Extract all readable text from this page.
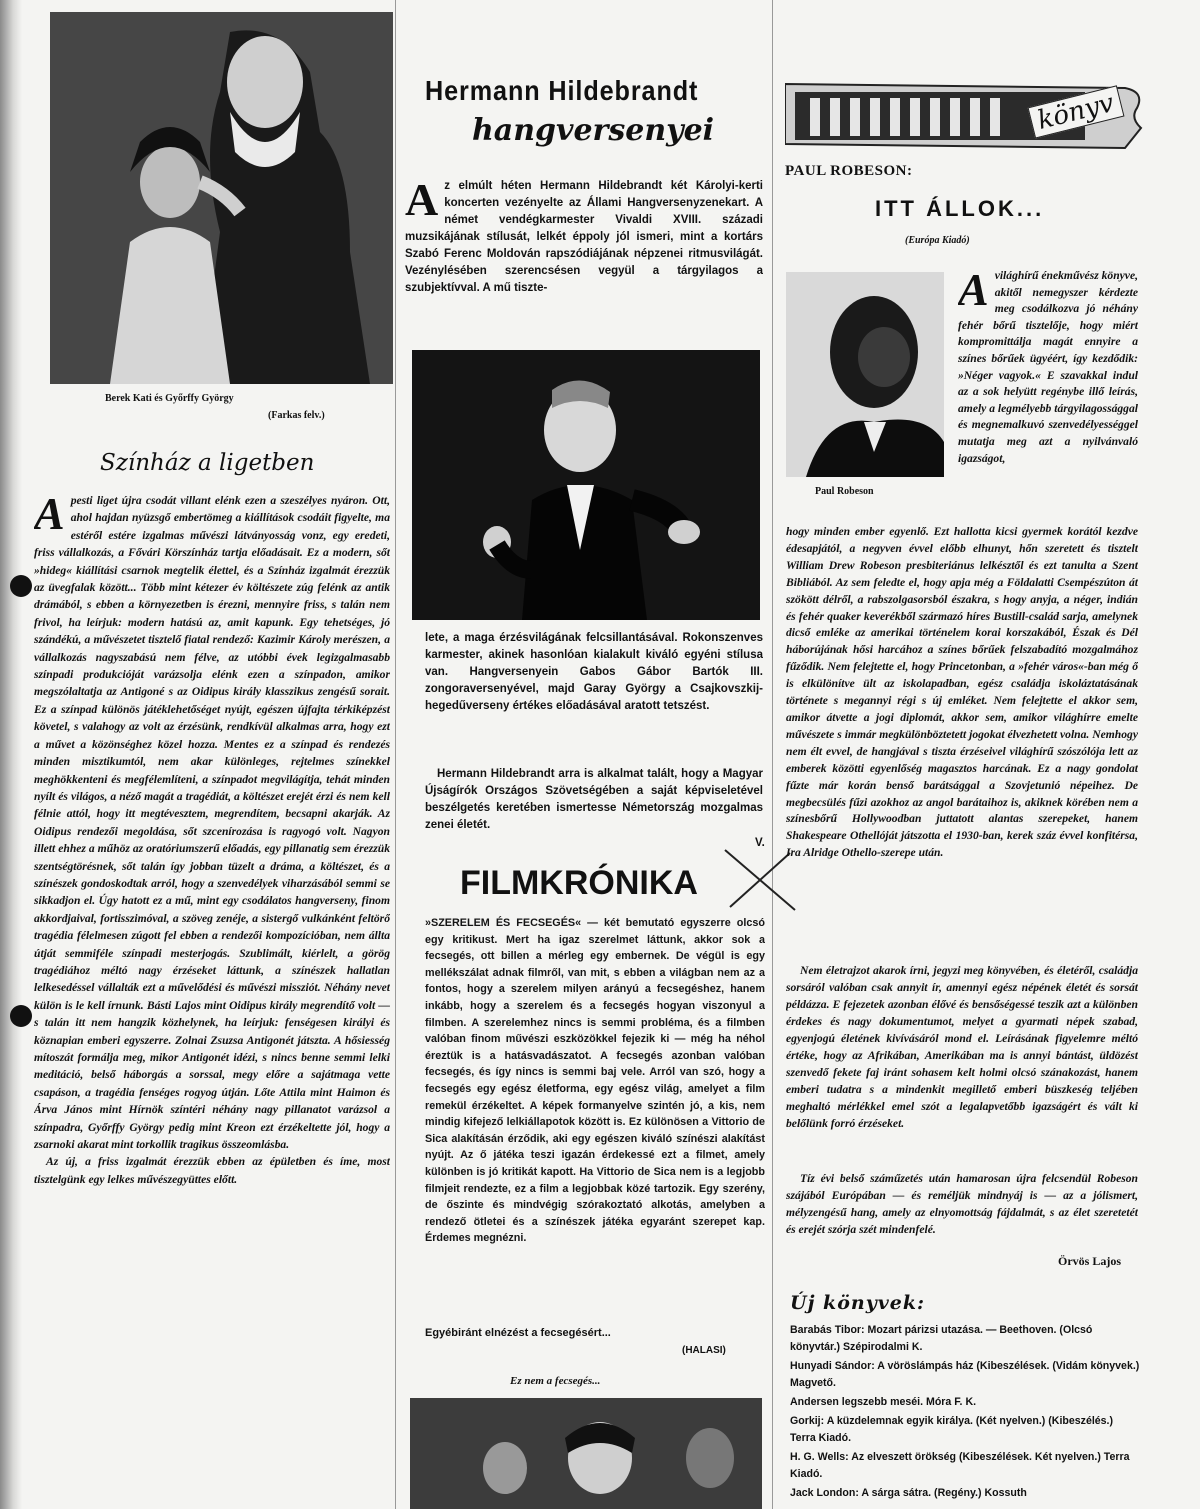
Berek Kati és Győrffy György
(Farkas felv.)
Színház a ligetben
A pesti liget újra csodát villant elénk ezen a szeszélyes nyáron. Ott, ahol hajdan nyüzsgő embertömeg a kiállítások csodáit figyelte, ma estéről estére izgalmas művészi látványosság vonz, egy eredeti, friss vállalkozás, a Fővári Körszínház tartja előadásait. Ez a modern, sőt »hideg« kiállítási csarnok megtelik élettel, és a Színház izgalmát érezzük az üvegfalak között... Több mint kétezer év költészete zúg felénk az antik drámából, s ebben a környezetben is érezni, mennyire friss, s talán nem frivol, ha leírjuk: modern hatású az, amit kapunk. Egy tehetséges, jó szándékú, a művészetet tisztelő fiatal rendező: Kazimir Károly merészen, a vállalkozás nagyszabású nem félve, az utóbbi évek legizgalmasabb színpadi produkcióját varázsolja elénk ezen a színpadon, amikor megszólaltatja az Antigoné s az Oidipus király klasszikus zengésű sorait. Ez a színpad különös játéklehetőséget nyújt, egészen újfajta térkiképzést követel, s valahogy az volt az érzésünk, rendkívül alkalmas arra, hogy ezt a művet a közönséghez közel hozza. Mentes ez a színpad és rendezés minden misztikumtól, nem akar különleges, rejtelmes színekkel meghökkenteni és megfélemlíteni, a színpadot megvilágítja, tehát minden nyílt és világos, a néző magát a tragédiát, a költészet erejét érzi és nem kell félnie attól, hogy itt megtévesztem, megrendítem, becsapni akarják. Az Oidipus rendezői megoldása, sőt szcenírozása is ragyogó volt. Nagyon illett ehhez a műhöz az oratóriumszerű előadás, egy pillanatig sem érezzük szentségtörésnek, sőt talán így jobban tüzelt a dráma, a költészet, és a színészek gondoskodtak arról, hogy a szenvedélyek viharzásából semmi se sikkadjon el. Úgy hatott ez a mű, mint egy csodálatos hangverseny, finom akkordjaival, fortisszimóval, a szöveg zenéje, a sistergő vulkánként feltörő tragédia félelmesen zúgott fel ebben a rendezői kompozícióban, nem állta útját semmiféle színpadi mesterjogás. Szublimált, kiérlelt, a görög tragédiához méltó nagy érzéseket láttunk, a színészek hallatlan lelkesedéssel vállalták ezt a művelődési és művészi missziót. Néhány nevet külön is le kell írnunk. Básti Lajos mint Oidipus király megrendítő volt — s talán itt nem hangzik közhelynek, ha leírjuk: fenségesen királyi és köznapian emberi egyszerre. Zolnai Zsuzsa Antigonét játszta. A hősiesség mítoszát formálja meg, mikor Antigonét idézi, s nincs benne semmi lelki meditáció, belső háborgás a sorssal, megy előre a sajátmaga vette csapáson, a tragédia fenséges rogyog útján. Lőte Attila mint Haimon és Árva János mint Hírnök színtéri néhány nagy pillanatot varázsol a színpadra, Győrffy György pedig mint Kreon ezt érzékeltette jól, hogy a zsarnoki akarat mint torkollik tragikus összeomlásba.

Az új, a friss izgalmát érezzük ebben az épületben és íme, most tisztelgünk egy lelkes művészegyüttes előtt.

Hermann Hildebrandt
hangversenyei
A z elmúlt héten Hermann Hildebrandt két Károlyi-kerti koncerten vezényelte az Állami Hangversenyzenekart. A német vendégkarmester Vivaldi XVIII. századi muzsikájának stílusát, lelkét éppoly jól ismeri, mint a kortárs Szabó Ferenc Moldován rapszódiájának népzenei ritmusvilágát. Vezénylésében szerencsésen vegyül a tárgyilagos a szubjektívval. A mű tiszte-
lete, a maga érzésvilágának felcsillantásával. Rokonszenves karmester, akinek hasonlóan kialakult kiváló egyéni stílusa van. Hangversenyein Gabos Gábor Bartók III. zongoraversenyével, majd Garay György a Csajkovszkij-hegedűverseny értékes előadásával aratott tetszést.
Hermann Hildebrandt arra is alkalmat talált, hogy a Magyar Újságírók Országos Szövetségében a saját képviseletével beszélgetés keretében ismertesse Németország mozgalmas zenei életét.
V.
FILMKRÓNIKA
»SZERELEM ÉS FECSEGÉS« — két bemutató egyszerre olcsó egy kritikust. Mert ha igaz szerelmet láttunk, akkor sok a fecsegés, ott billen a mérleg egy embernek. De végül is egy mellékszálat adnak filmről, van mit, s ebben a világban nem az a fontos, hogy a szerelem milyen arányú a fecsegéshez, hanem inkább, hogy a szerelem és a fecsegés hogyan viszonyul a filmben. A szerelemhez nincs is semmi probléma, és a filmben valóban finom művészi eszközökkel fejezik ki — még ha néhol éreztük is a hatásvadászatot. A fecsegés azonban valóban fecsegés, és így nincs is semmi baj vele. Arról van szó, hogy a fecsegés egy egész életforma, egy egész világ, amelyet a film remekül érzékeltet. A képek formanyelve szintén jó, a kis, nem mindig kifejező lelkiállapotok között is. Ez különösen a Vittorio de Sica alakításán érződik, aki egy egészen kiváló színészi alakítást nyújt. Az ő játéka teszi igazán érdekessé ezt a filmet, amely különben is jó kritikát kapott. Ha Vittorio de Sica nem is a legjobb filmjeit rendezte, ez a film a legjobbak közé tartozik. Egy szerény, de őszinte és mindvégig szórakoztató alkotás, amelyben a rendező ötletei és a színészek játéka egyaránt szerepet kap. Érdemes megnézni.
Egyébiránt elnézést a fecsegésért...
(HALASI)
Ez nem a fecsegés...
könyv
PAUL ROBESON:
ITT ÁLLOK...
(Európa Kiadó)
Paul Robeson
A világhírű énekművész könyve, akitől nemegyszer kérdezte meg csodálkozva jó néhány fehér bőrű tisztelője, hogy miért kompromittálja magát ennyire a színes bőrűek ügyéért, így kezdődik: »Néger vagyok.« E szavakkal indul az a sok helyütt regénybe illő leírás, amely a legmélyebb tárgyilagossággal és megnemalkuvó szenvedélyességgel mutatja meg azt a nyilvánvaló igazságot,
hogy minden ember egyenlő. Ezt hallotta kicsi gyermek korától kezdve édesapjától, a negyven évvel előbb elhunyt, hőn szeretett és tisztelt William Drew Robeson presbiteriánus lelkésztől és ezt tanulta a Szent Bibliából. Az sem feledte el, hogy apja még a Földalatti Csempészúton át szökött délről, a rabszolgasorsból északra, s hogy anyja, a néger, indián és fehér quaker keverékből származó híres Bustill-család sarja, amelynek dicső emléke az amerikai történelem korai korszakából, Észak és Dél háborújának hősi harcához a színes bőrűek felszabadító mozgalmához fűződik. Nem felejtette el, hogy Princetonban, a »fehér város«-ban még ő is elkülönítve ült az iskolapadban, egész családja iskoláztatásának története s megannyi régi s új emléket. Nem felejtette el akkor sem, amikor átvette a jogi diplomát, akkor sem, amikor világhírre emelte művészete s immár megkülönböztetett jogokat élvezhetett volna. Nemhogy nem élt evvel, de hangjával s tiszta érzéseivel világhírű szószólója lett az emberek közötti egyenlőség magasztos harcának. Ez a nagy gondolat fűzte már korán benső barátsággal a Szovjetunió népeihez. De megbecsülés fűzi azokhoz az angol barátaihoz is, akiknek körében nem a színesbőrű Hollywoodban juttatott alantas szerepeket, hanem Shakespeare Othellóját játszotta el 1930-ban, kerek száz évvel konfitérsa, Ira Alridge Othello-szerepe után.
Nem életrajzot akarok írni, jegyzi meg könyvében, és életéről, családja sorsáról valóban csak annyit ír, amennyi egész népének életét és sorsát példázza. E fejezetek azonban élővé és bensőségessé teszik azt a különben érdekes és nagy dokumentumot, melyet a gyarmati népek szabad, egyenjogú életének kivívásáról mond el. Leírásának figyelemre méltó értéke, hogy az Afrikában, Amerikában ma is annyi bántást, üldözést szenvedő fekete faj iránt sohasem kelt holmi olcsó szánakozást, hanem emberi tudatra s a mindenkit megillető emberi büszkeség teljében meghaltó mérlékkel emel szót a legalapvetőbb igazságért és vált ki belőlünk forró érzéseket.
Tíz évi belső száműzetés után hamarosan újra felcsendül Robeson szájából Európában — és reméljük mindnyáj is — az a jólismert, mélyzengésű hang, amely az elnyomottság fájdalmát, s az élet szeretetét és erejét szórja szét mindenfelé.
Örvös Lajos
Új könyvek:
Barabás Tibor: Mozart párizsi utazása. — Beethoven. (Olcsó könyvtár.) Szépirodalmi K.
Hunyadi Sándor: A vöröslámpás ház (Kibeszélések. (Vidám könyvek.) Magvető.
Andersen legszebb meséi. Móra F. K.
Gorkij: A küzdelemnak egyik királya. (Két nyelven.) (Kibeszélés.) Terra Kiadó.
H. G. Wells: Az elveszett örökség (Kibeszélések. Két nyelven.) Terra Kiadó.
Jack London: A sárga sátra. (Regény.) Kossuth
